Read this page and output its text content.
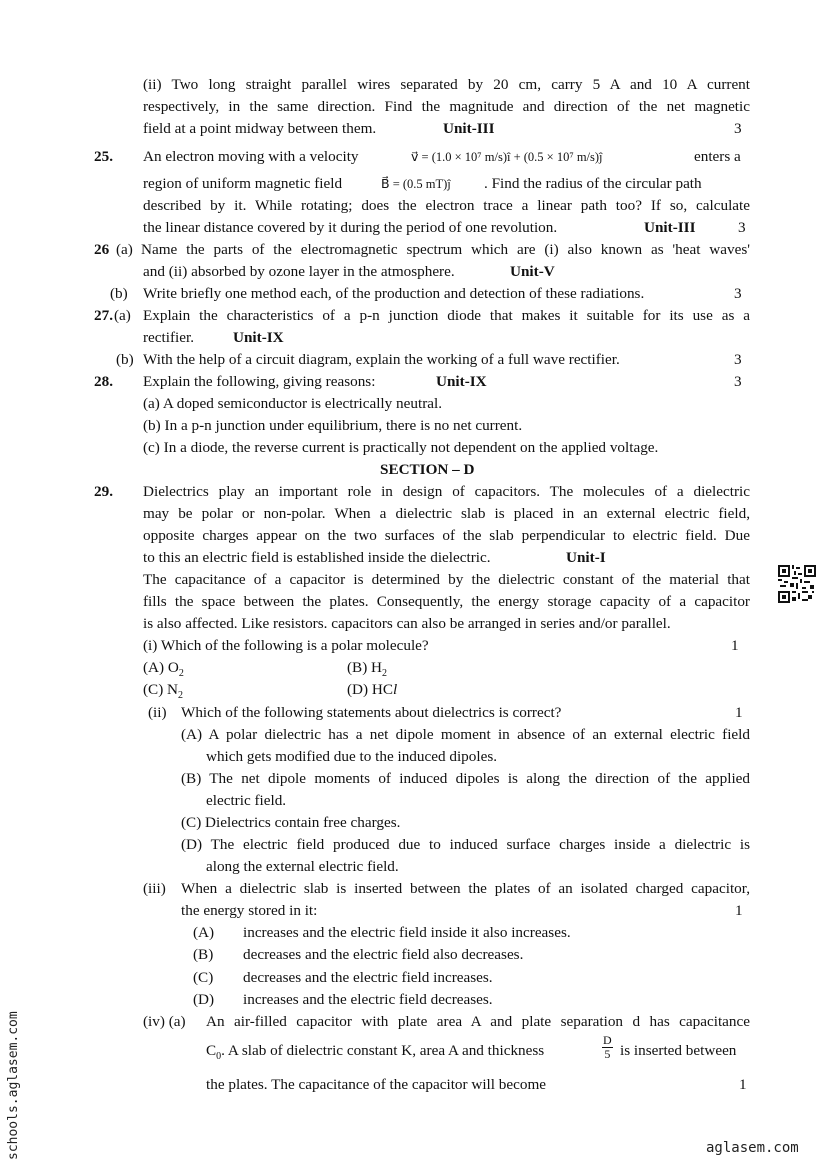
(ii) Two long straight parallel wires separated by 20 cm, carry 5 A and 10 A current
respectively, in the same direction. Find the magnitude and direction of the net magnetic
field at a point midway between them.	Unit-III	3
25. An electron moving with a velocity	v⃗ = (1.0 × 10⁷ m/s)î + (0.5 × 10⁷ m/s)ĵ	enters a
region of uniform magnetic field	B⃗ = (0.5 mT)ĵ . Find the radius of the circular path
described by it. While rotating; does the electron trace a linear path too? If so, calculate
the linear distance covered by it during the period of one revolution.	Unit-III	3
26 (a) Name the parts of the electromagnetic spectrum which are (i) also known as 'heat waves'
and (ii) absorbed by ozone layer in the atmosphere.	Unit-V
(b) Write briefly one method each, of the production and detection of these radiations.	3
27. (a) Explain the characteristics of a p-n junction diode that makes it suitable for its use as a
rectifier.	Unit-IX
(b) With the help of a circuit diagram, explain the working of a full wave rectifier.	3
28. Explain the following, giving reasons:	Unit-IX	3
(a) A doped semiconductor is electrically neutral.
(b) In a p-n junction under equilibrium, there is no net current.
(c) In a diode, the reverse current is practically not dependent on the applied voltage.
SECTION – D
29. Dielectrics play an important role in design of capacitors. The molecules of a dielectric
may be polar or non-polar. When a dielectric slab is placed in an external electric field,
opposite charges appear on the two surfaces of the slab perpendicular to electric field. Due
to this an electric field is established inside the dielectric.	Unit-I
The capacitance of a capacitor is determined by the dielectric constant of the material that
fills the space between the plates. Consequently, the energy storage capacity of a capacitor
is also affected. Like resistors. capacitors can also be arranged in series and/or parallel.
(i) Which of the following is a polar molecule?	1
(A) $O_2$	(B) $H_2$
(C) $N_2$	(D) HCl
(ii) Which of the following statements about dielectrics is correct?	1
(A) A polar dielectric has a net dipole moment in absence of an external electric field
which gets modified due to the induced dipoles.
(B) The net dipole moments of induced dipoles is along the direction of the applied
electric field.
(C) Dielectrics contain free charges.
(D) The electric field produced due to induced surface charges inside a dielectric is
along the external electric field.
(iii) When a dielectric slab is inserted between the plates of an isolated charged capacitor,
the energy stored in it:	1
(A) increases and the electric field inside it also increases.
(B) decreases and the electric field also decreases.
(C) decreases and the electric field increases.
(D) increases and the electric field decreases.
(iv) (a) An air-filled capacitor with plate area A and plate separation d has capacitance
$C_0$. A slab of dielectric constant K, area A and thickness	$\frac{D}{5}$ is inserted between
the plates. The capacitance of the capacitor will become	1
schools.aglasem.com	aglasem.com
